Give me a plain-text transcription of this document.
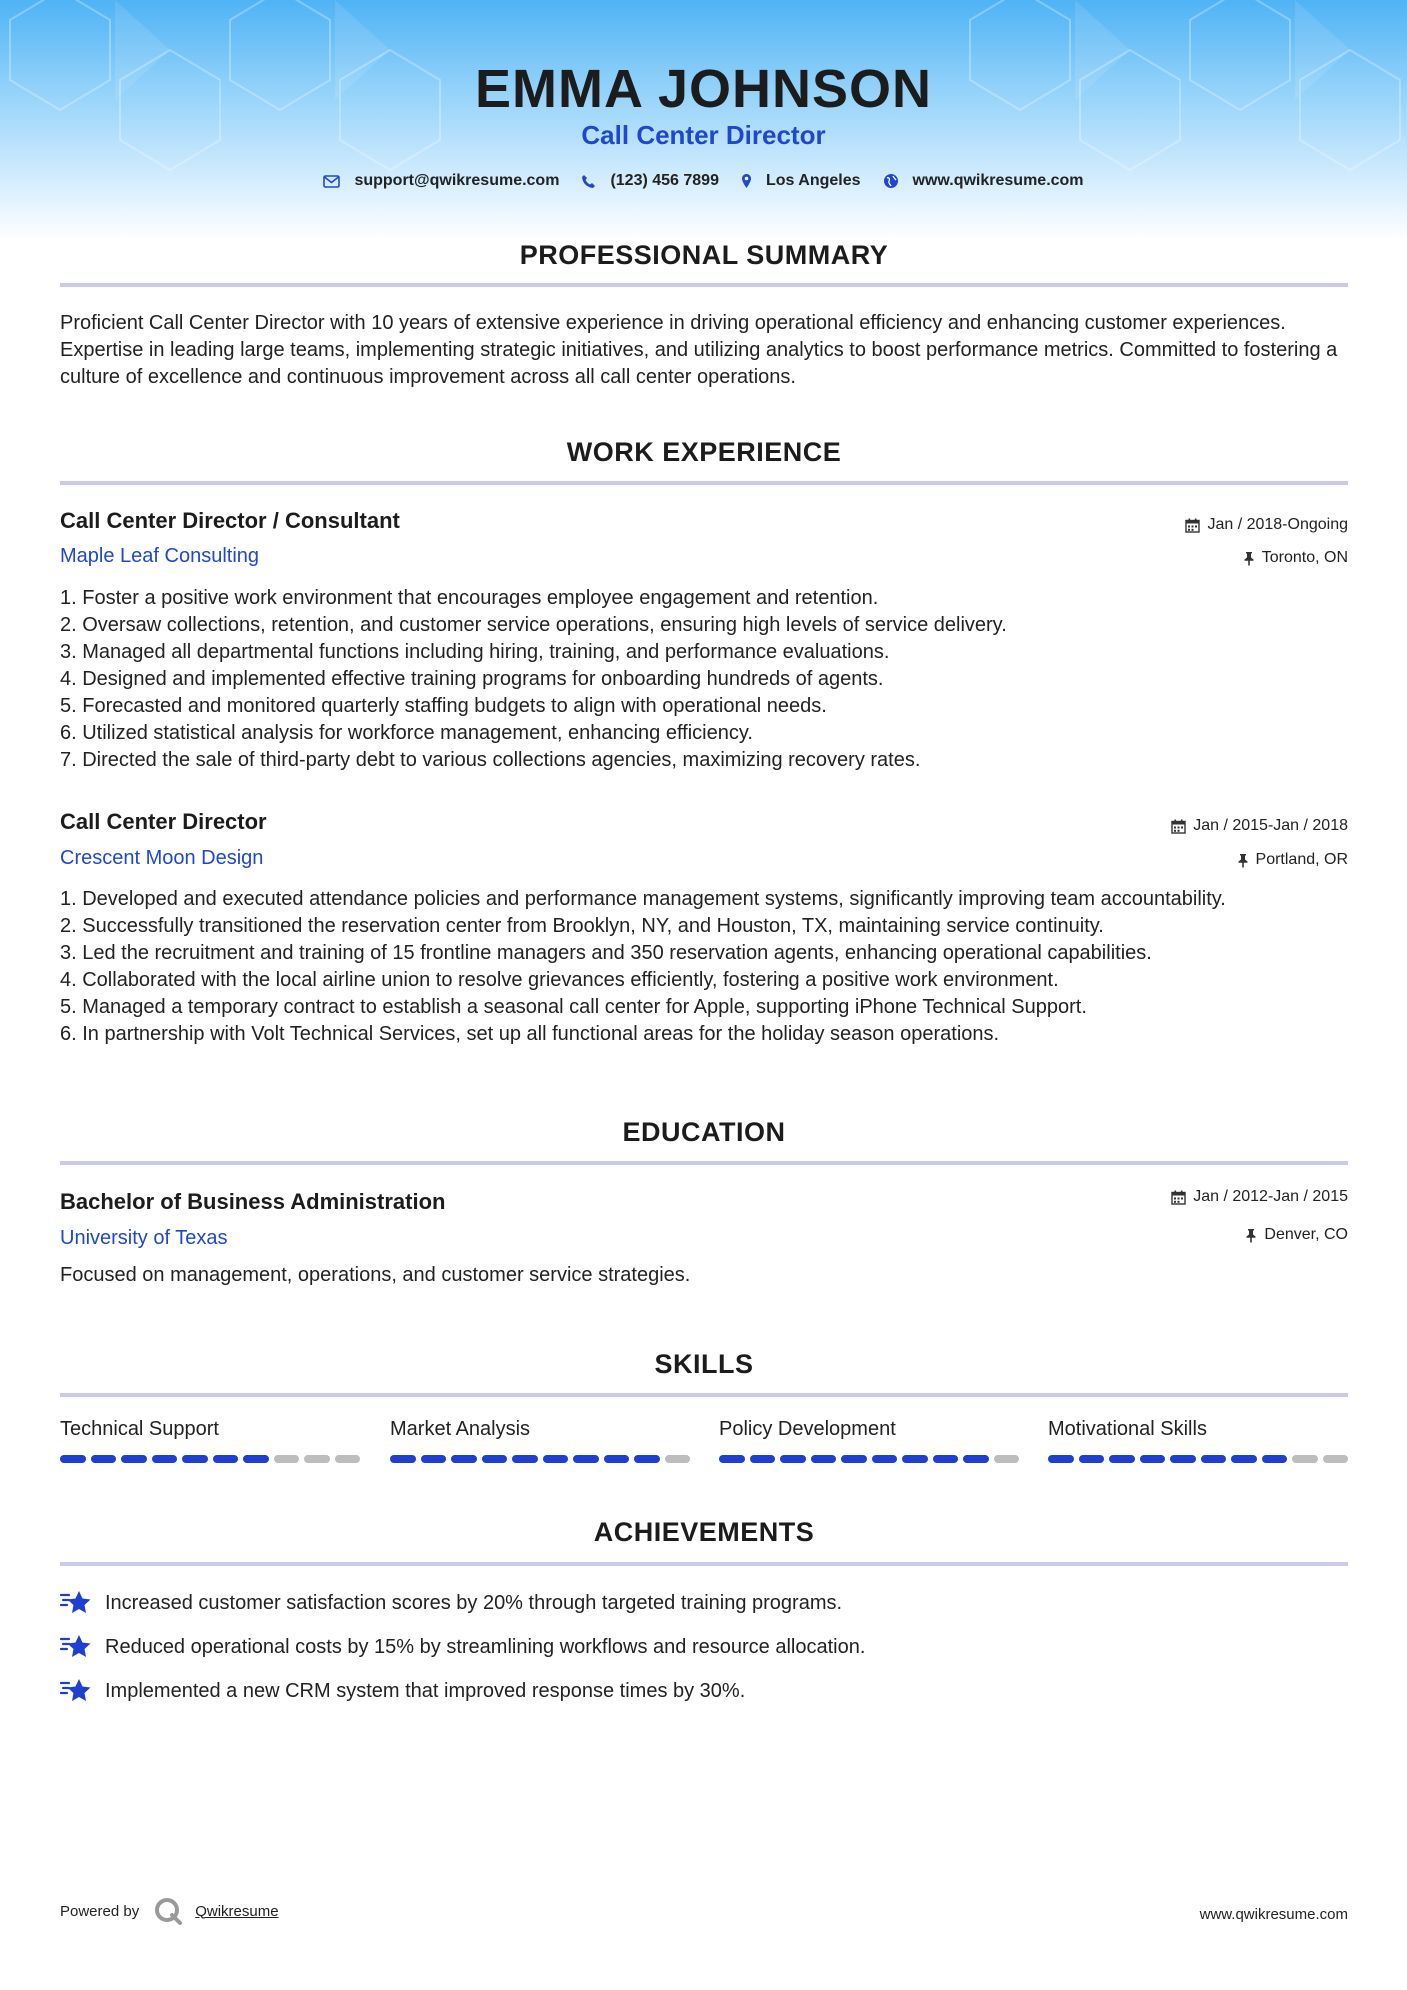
EMMA JOHNSON
Call Center Director
support@qwikresume.com	(123) 456 7899	Los Angeles	www.qwikresume.com
PROFESSIONAL SUMMARY
Proficient Call Center Director with 10 years of extensive experience in driving operational efficiency and enhancing customer experiences. Expertise in leading large teams, implementing strategic initiatives, and utilizing analytics to boost performance metrics. Committed to fostering a culture of excellence and continuous improvement across all call center operations.
WORK EXPERIENCE
Call Center Director / Consultant
Maple Leaf Consulting
Jan / 2018-Ongoing
Toronto, ON
1. Foster a positive work environment that encourages employee engagement and retention.
2. Oversaw collections, retention, and customer service operations, ensuring high levels of service delivery.
3. Managed all departmental functions including hiring, training, and performance evaluations.
4. Designed and implemented effective training programs for onboarding hundreds of agents.
5. Forecasted and monitored quarterly staffing budgets to align with operational needs.
6. Utilized statistical analysis for workforce management, enhancing efficiency.
7. Directed the sale of third-party debt to various collections agencies, maximizing recovery rates.
Call Center Director
Crescent Moon Design
Jan / 2015-Jan / 2018
Portland, OR
1. Developed and executed attendance policies and performance management systems, significantly improving team accountability.
2. Successfully transitioned the reservation center from Brooklyn, NY, and Houston, TX, maintaining service continuity.
3. Led the recruitment and training of 15 frontline managers and 350 reservation agents, enhancing operational capabilities.
4. Collaborated with the local airline union to resolve grievances efficiently, fostering a positive work environment.
5. Managed a temporary contract to establish a seasonal call center for Apple, supporting iPhone Technical Support.
6. In partnership with Volt Technical Services, set up all functional areas for the holiday season operations.
EDUCATION
Bachelor of Business Administration
University of Texas
Jan / 2012-Jan / 2015
Denver, CO
Focused on management, operations, and customer service strategies.
SKILLS
Technical Support	Market Analysis	Policy Development	Motivational Skills
ACHIEVEMENTS
Increased customer satisfaction scores by 20% through targeted training programs.
Reduced operational costs by 15% by streamlining workflows and resource allocation.
Implemented a new CRM system that improved response times by 30%.
Powered by	Qwikresume	www.qwikresume.com
